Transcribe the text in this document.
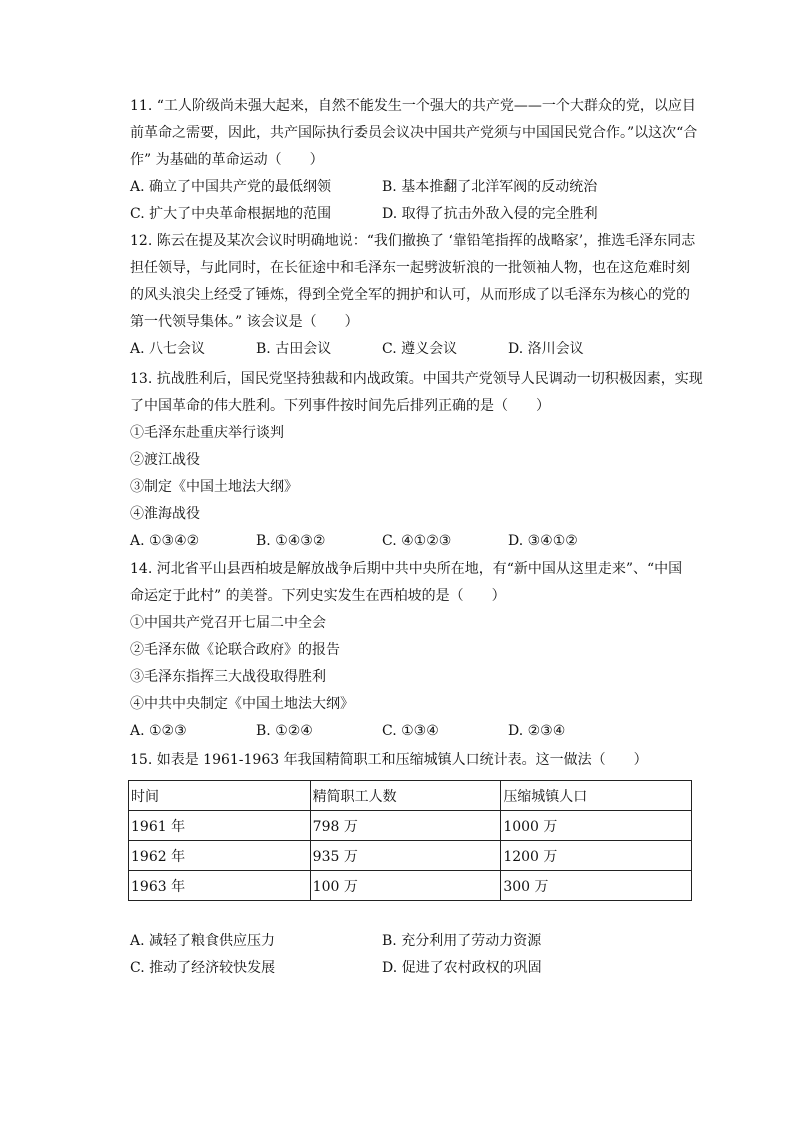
11. “工人阶级尚未强大起来，自然不能发生一个强大的共产党——一个大群众的党，以应目
前革命之需要，因此，共产国际执行委员会议决中国共产党须与中国国民党合作。”以这次“合
作” 为基础的革命运动（　　）
A. 确立了中国共产党的最低纲领	B. 基本推翻了北洋军阀的反动统治
C. 扩大了中央革命根据地的范围	D. 取得了抗击外敌入侵的完全胜利
12. 陈云在提及某次会议时明确地说：“我们撤换了 ‘靠铅笔指挥的战略家’，推选毛泽东同志
担任领导，与此同时，在长征途中和毛泽东一起劈波斩浪的一批领袖人物，也在这危难时刻
的风头浪尖上经受了锤炼，得到全党全军的拥护和认可，从而形成了以毛泽东为核心的党的
第一代领导集体。” 该会议是（　　）
A. 八七会议	B. 古田会议	C. 遵义会议	D. 洛川会议
13. 抗战胜利后，国民党坚持独裁和内战政策。中国共产党领导人民调动一切积极因素，实现
了中国革命的伟大胜利。下列事件按时间先后排列正确的是（　　）
①毛泽东赴重庆举行谈判
②渡江战役
③制定《中国土地法大纲》
④淮海战役
A. ①③④②	B. ①④③②	C. ④①②③	D. ③④①②
14. 河北省平山县西柏坡是解放战争后期中共中央所在地，有“新中国从这里走来”、“中国
命运定于此村” 的美誉。下列史实发生在西柏坡的是（　　）
①中国共产党召开七届二中全会
②毛泽东做《论联合政府》的报告
③毛泽东指挥三大战役取得胜利
④中共中央制定《中国土地法大纲》
A. ①②③	B. ①②④	C. ①③④	D. ②③④
15. 如表是 1961-1963 年我国精简职工和压缩城镇人口统计表。这一做法（　　）
时间	精简职工人数	压缩城镇人口
1961 年	798 万	1000 万
1962 年	935 万	1200 万
1963 年	100 万	300 万
A. 减轻了粮食供应压力	B. 充分利用了劳动力资源
C. 推动了经济较快发展	D. 促进了农村政权的巩固
